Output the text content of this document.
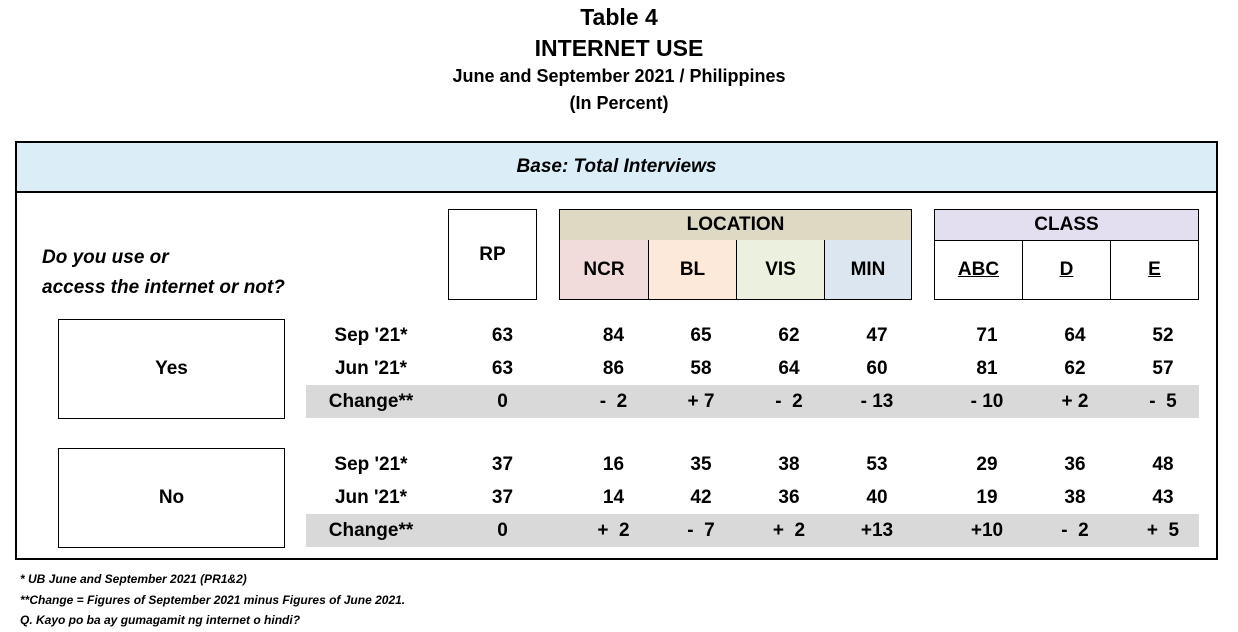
Table 4
INTERNET USE
June and September 2021 / Philippines
(In Percent)
Base: Total Interviews
Do you use or
access the internet or not?
RP
LOCATION
NCR	BL	VIS	MIN
CLASS
ABC	D	E
Yes
No
Sep '21*	63	84	65	62	47	71	64	52
Jun '21*	63	86	58	64	60	81	62	57
Change**	0	-  2	+ 7	-  2	- 13	- 10	+ 2	-  5
Sep '21*	37	16	35	38	53	29	36	48
Jun '21*	37	14	42	36	40	19	38	43
Change**	0	+  2	-  7	+  2	+13	+10	-  2	+  5
* UB June and September 2021 (PR1&2)
**Change = Figures of September 2021 minus Figures of June 2021.
Q. Kayo po ba ay gumagamit ng internet o hindi?
